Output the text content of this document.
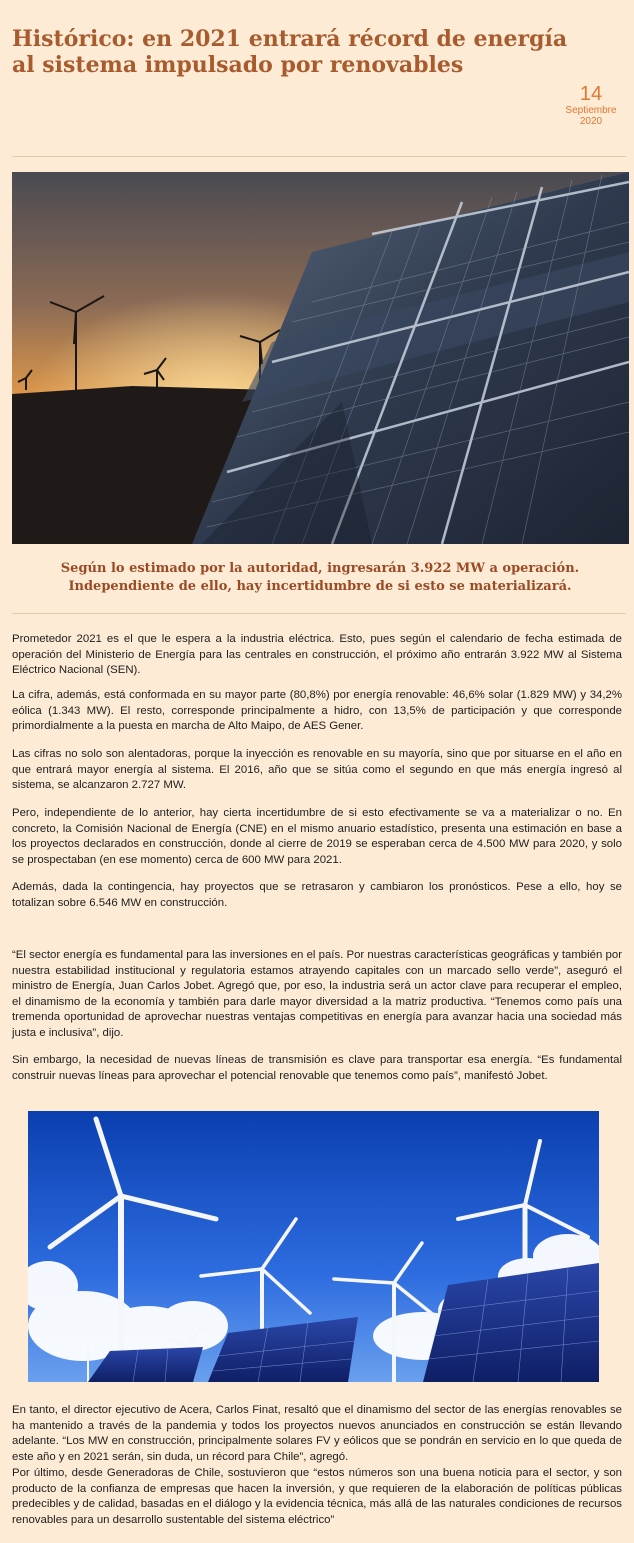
Histórico: en 2021 entrará récord de energía al sistema impulsado por renovables
14
Septiembre
2020

Según lo estimado por la autoridad, ingresarán 3.922 MW a operación. Independiente de ello, hay incertidumbre de si esto se materializará.

Prometedor 2021 es el que le espera a la industria eléctrica. Esto, pues según el calendario de fecha estimada de operación del Ministerio de Energía para las centrales en construcción, el próximo año entrarán 3.922 MW al Sistema Eléctrico Nacional (SEN).

La cifra, además, está conformada en su mayor parte (80,8%) por energía renovable: 46,6% solar (1.829 MW) y 34,2% eólica (1.343 MW). El resto, corresponde principalmente a hidro, con 13,5% de participación y que corresponde primordialmente a la puesta en marcha de Alto Maipo, de AES Gener.

Las cifras no solo son alentadoras, porque la inyección es renovable en su mayoría, sino que por situarse en el año en que entrará mayor energía al sistema. El 2016, año que se sitúa como el segundo en que más energía ingresó al sistema, se alcanzaron 2.727 MW.

Pero, independiente de lo anterior, hay cierta incertidumbre de si esto efectivamente se va a materializar o no. En concreto, la Comisión Nacional de Energía (CNE) en el mismo anuario estadístico, presenta una estimación en base a los proyectos declarados en construcción, donde al cierre de 2019 se esperaban cerca de 4.500 MW para 2020, y solo se prospectaban (en ese momento) cerca de 600 MW para 2021.

Además, dada la contingencia, hay proyectos que se retrasaron y cambiaron los pronósticos. Pese a ello, hoy se totalizan sobre 6.546 MW en construcción.

“El sector energía es fundamental para las inversiones en el país. Por nuestras características geográficas y también por nuestra estabilidad institucional y regulatoria estamos atrayendo capitales con un marcado sello verde”, aseguró el ministro de Energía, Juan Carlos Jobet. Agregó que, por eso, la industria será un actor clave para recuperar el empleo, el dinamismo de la economía y también para darle mayor diversidad a la matriz productiva. “Tenemos como país una tremenda oportunidad de aprovechar nuestras ventajas competitivas en energía para avanzar hacia una sociedad más justa e inclusiva”, dijo.

Sin embargo, la necesidad de nuevas líneas de transmisión es clave para transportar esa energía. “Es fundamental construir nuevas líneas para aprovechar el potencial renovable que tenemos como país”, manifestó Jobet.

En tanto, el director ejecutivo de Acera, Carlos Finat, resaltó que el dinamismo del sector de las energías renovables se ha mantenido a través de la pandemia y todos los proyectos nuevos anunciados en construcción se están llevando adelante. “Los MW en construcción, principalmente solares FV y eólicos que se pondrán en servicio en lo que queda de este año y en 2021 serán, sin duda, un récord para Chile”, agregó.

Por último, desde Generadoras de Chile, sostuvieron que “estos números son una buena noticia para el sector, y son producto de la confianza de empresas que hacen la inversión, y que requieren de la elaboración de políticas públicas predecibles y de calidad, basadas en el diálogo y la evidencia técnica, más allá de las naturales condiciones de recursos renovables para un desarrollo sustentable del sistema eléctrico”
